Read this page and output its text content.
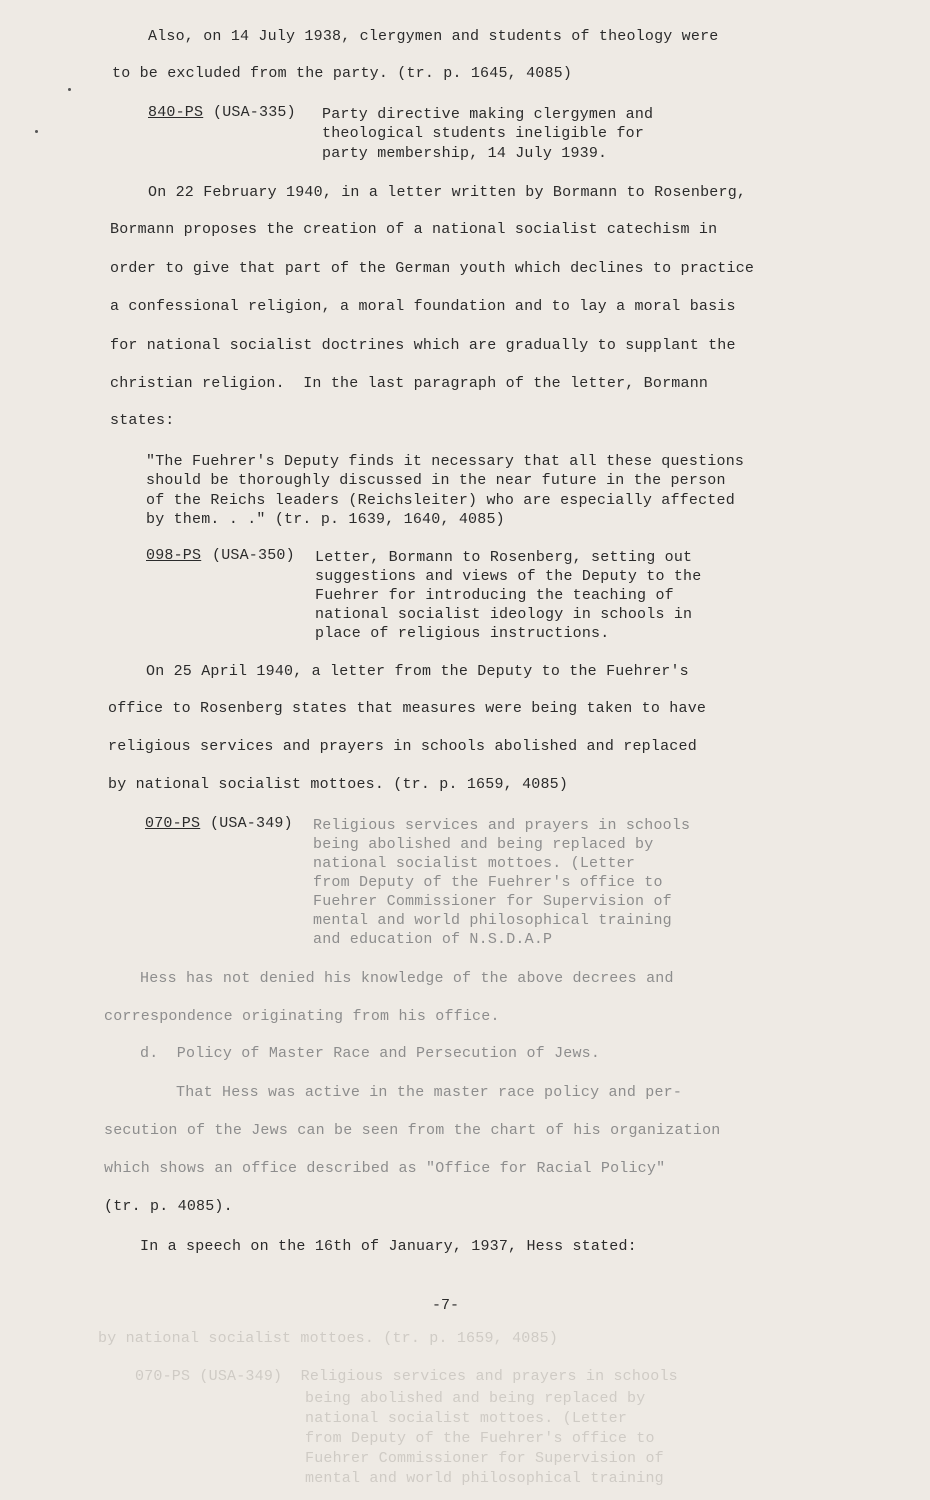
Also, on 14 July 1938, clergymen and students of theology were
to be excluded from the party. (tr. p. 1645, 4085)
840-PS (USA-335) Party directive making clergymen and
theological students ineligible for
party membership, 14 July 1939.
On 22 February 1940, in a letter written by Bormann to Rosenberg,
Bormann proposes the creation of a national socialist catechism in
order to give that part of the German youth which declines to practice
a confessional religion, a moral foundation and to lay a moral basis
for national socialist doctrines which are gradually to supplant the
christian religion.  In the last paragraph of the letter, Bormann
states:
"The Fuehrer's Deputy finds it necessary that all these questions
should be thoroughly discussed in the near future in the person
of the Reichs leaders (Reichsleiter) who are especially affected
by them. . ." (tr. p. 1639, 1640, 4085)
098-PS (USA-350) Letter, Bormann to Rosenberg, setting out
suggestions and views of the Deputy to the
Fuehrer for introducing the teaching of
national socialist ideology in schools in
place of religious instructions.
On 25 April 1940, a letter from the Deputy to the Fuehrer's
office to Rosenberg states that measures were being taken to have
religious services and prayers in schools abolished and replaced
by national socialist mottoes. (tr. p. 1659, 4085)
070-PS (USA-349) Religious services and prayers in schools
being abolished and being replaced by
national socialist mottoes. (Letter
from Deputy of the Fuehrer's office to
Fuehrer Commissioner for Supervision of
mental and world philosophical training
and education of N.S.D.A.P
Hess has not denied his knowledge of the above decrees and
correspondence originating from his office.
d.  Policy of Master Race and Persecution of Jews.
That Hess was active in the master race policy and per-
secution of the Jews can be seen from the chart of his organization
which shows an office described as "Office for Racial Policy"
(tr. p. 4085).
In a speech on the 16th of January, 1937, Hess stated:
-7-
by national socialist mottoes. (tr. p. 1659, 4085)
070-PS (USA-349)  Religious services and prayers in schools
being abolished and being replaced by
national socialist mottoes. (Letter
from Deputy of the Fuehrer's office to
Fuehrer Commissioner for Supervision of
mental and world philosophical training
